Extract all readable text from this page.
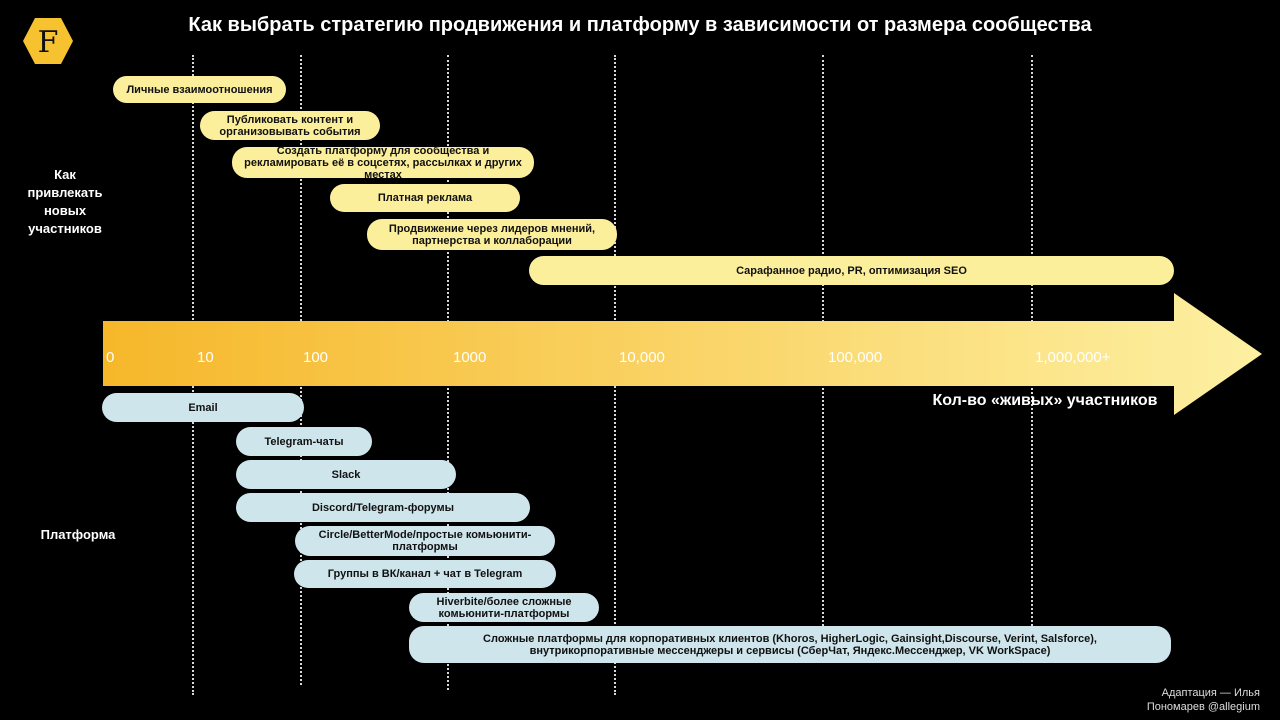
F	Как выбрать стратегию продвижения и платформу в зависимости от размера сообщества
Как привлекать новых участников
Платформа
0	10	100	1000	10,000	100,000	1,000,000+
Кол-во «живых» участников
Личные взаимоотношения
Публиковать контент и организовывать события
Создать платформу для сообщества и рекламировать её в соцсетях, рассылках и других местах
Платная реклама
Продвижение через лидеров мнений, партнерства и коллаборации
Сарафанное радио, PR, оптимизация SEO
Email
Telegram-чаты
Slack
Discord/Telegram-форумы
Circle/BetterMode/простые комьюнити-платформы
Группы в ВК/канал + чат в Telegram
Hiverbite/более сложные комьюнити-платформы
Сложные платформы для корпоративных клиентов (Khoros, HigherLogic, Gainsight,Discourse, Verint, Salsforce), внутрикорпоративные мессенджеры и сервисы (СберЧат, Яндекс.Мессенджер, VK WorkSpace)
Адаптация — Илья
Пономарев @allegium
